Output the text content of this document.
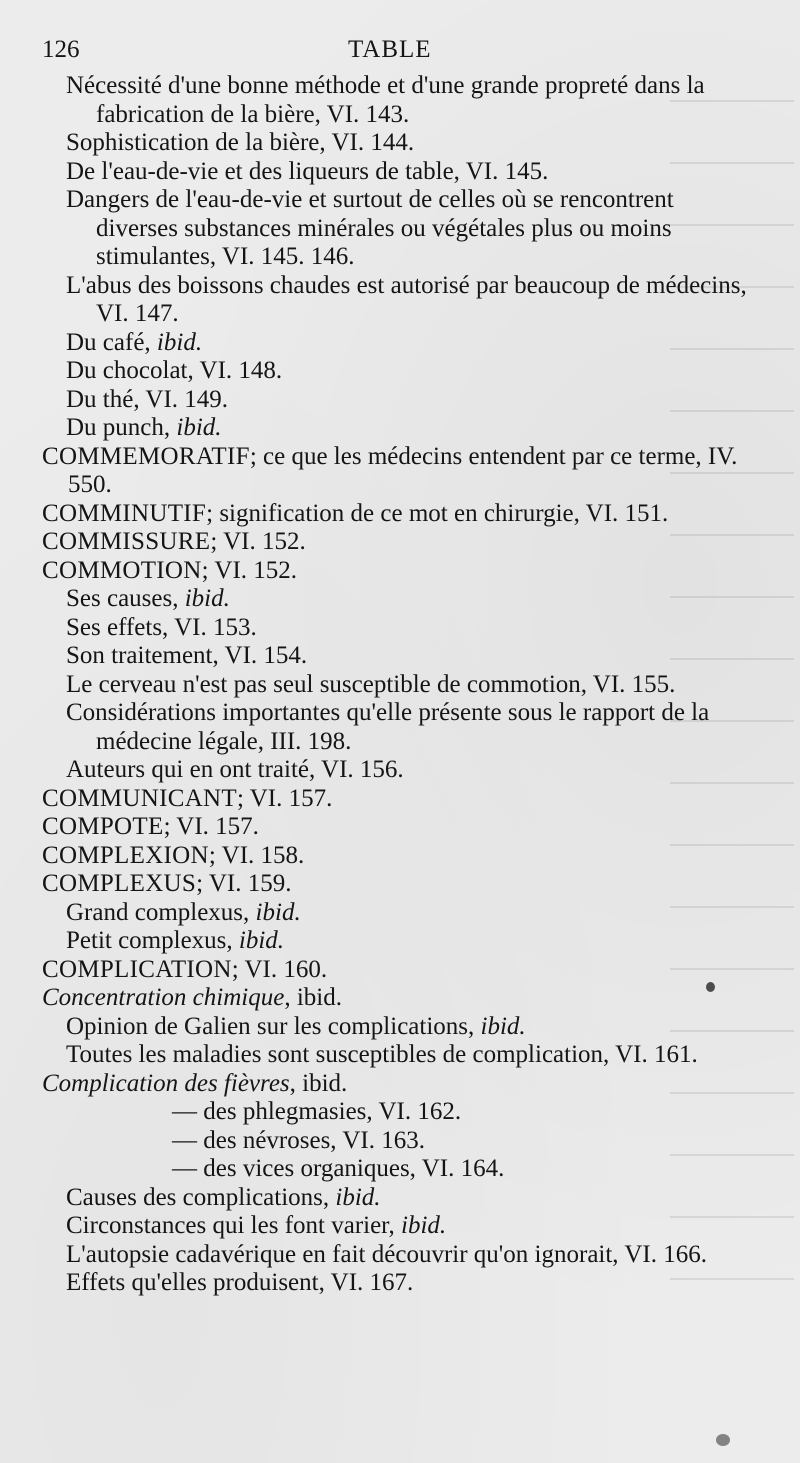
126	TABLE
Nécessité d'une bonne méthode et d'une grande propreté dans la fabrication de la bière, VI. 143.
Sophistication de la bière, VI. 144.
De l'eau-de-vie et des liqueurs de table, VI. 145.
Dangers de l'eau-de-vie et surtout de celles où se rencontrent diverses substances minérales ou végétales plus ou moins stimulantes, VI. 145. 146.
L'abus des boissons chaudes est autorisé par beaucoup de médecins, VI. 147.
Du café, ibid.
Du chocolat, VI. 148.
Du thé, VI. 149.
Du punch, ibid.
COMMEMORATIF; ce que les médecins entendent par ce terme, IV. 550.
COMMINUTIF; signification de ce mot en chirurgie, VI. 151.
COMMISSURE; VI. 152.
COMMOTION; VI. 152.
Ses causes, ibid.
Ses effets, VI. 153.
Son traitement, VI. 154.
Le cerveau n'est pas seul susceptible de commotion, VI. 155.
Considérations importantes qu'elle présente sous le rapport de la médecine légale, III. 198.
Auteurs qui en ont traité, VI. 156.
COMMUNICANT; VI. 157.
COMPOTE; VI. 157.
COMPLEXION; VI. 158.
COMPLEXUS; VI. 159.
Grand complexus, ibid.
Petit complexus, ibid.
COMPLICATION; VI. 160.
Concentration chimique, ibid.
Opinion de Galien sur les complications, ibid.
Toutes les maladies sont susceptibles de complication, VI. 161.
Complication des fièvres, ibid.
— des phlegmasies, VI. 162.
— des névroses, VI. 163.
— des vices organiques, VI. 164.
Causes des complications, ibid.
Circonstances qui les font varier, ibid.
L'autopsie cadavérique en fait découvrir qu'on ignorait, VI. 166.
Effets qu'elles produisent, VI. 167.
